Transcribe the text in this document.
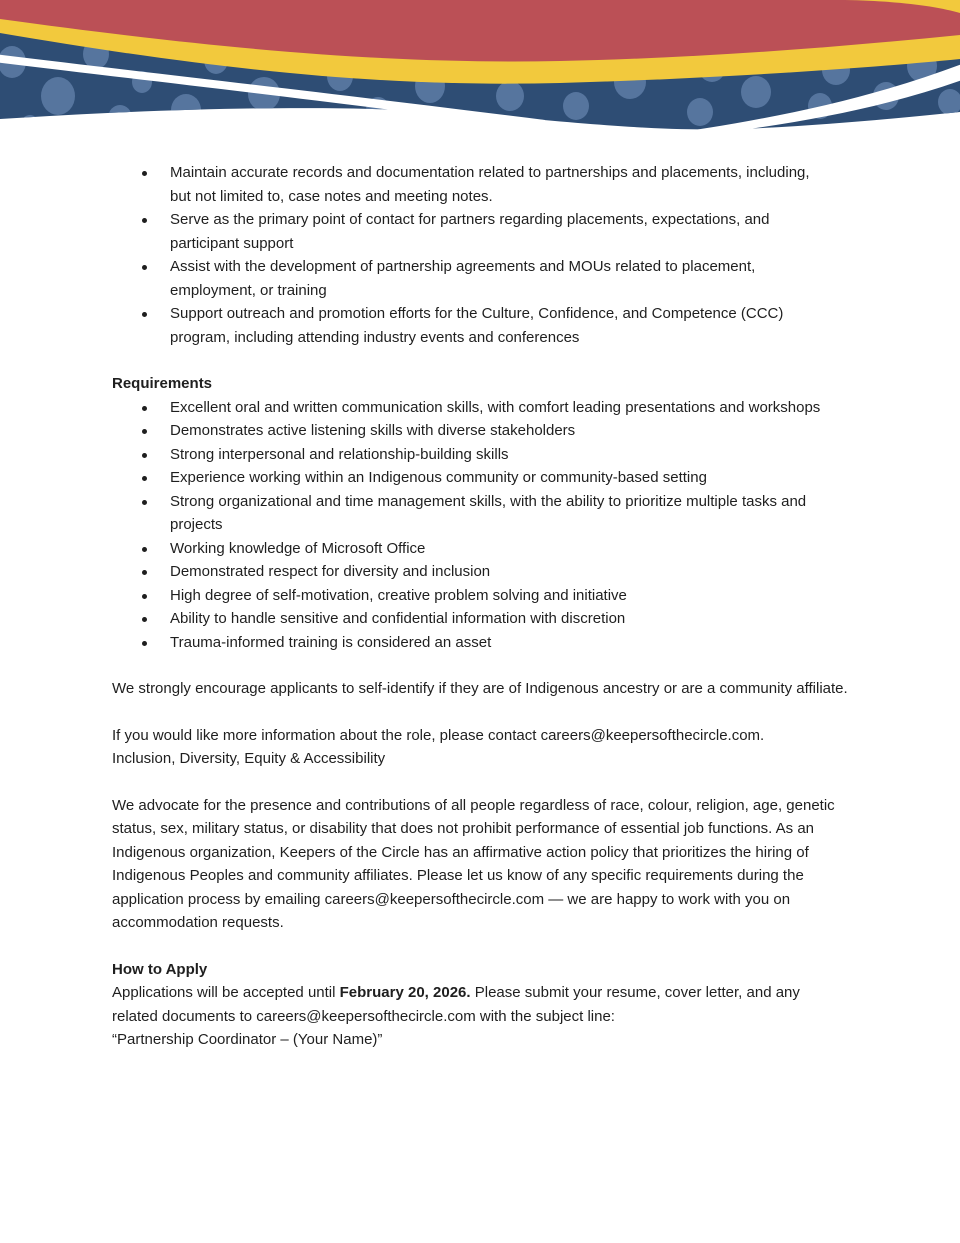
Maintain accurate records and documentation related to partnerships and placements, including, but not limited to, case notes and meeting notes.
Serve as the primary point of contact for partners regarding placements, expectations, and participant support
Assist with the development of partnership agreements and MOUs related to placement, employment, or training
Support outreach and promotion efforts for the Culture, Confidence, and Competence (CCC) program, including attending industry events and conferences
Requirements
Excellent oral and written communication skills, with comfort leading presentations and workshops
Demonstrates active listening skills with diverse stakeholders
Strong interpersonal and relationship-building skills
Experience working within an Indigenous community or community-based setting
Strong organizational and time management skills, with the ability to prioritize multiple tasks and projects
Working knowledge of Microsoft Office
Demonstrated respect for diversity and inclusion
High degree of self-motivation, creative problem solving and initiative
Ability to handle sensitive and confidential information with discretion
Trauma-informed training is considered an asset
We strongly encourage applicants to self-identify if they are of Indigenous ancestry or are a community affiliate.
If you would like more information about the role, please contact careers@keepersofthecircle.com.
Inclusion, Diversity, Equity & Accessibility
We advocate for the presence and contributions of all people regardless of race, colour, religion, age, genetic status, sex, military status, or disability that does not prohibit performance of essential job functions. As an Indigenous organization, Keepers of the Circle has an affirmative action policy that prioritizes the hiring of Indigenous Peoples and community affiliates. Please let us know of any specific requirements during the application process by emailing careers@keepersofthecircle.com — we are happy to work with you on accommodation requests.
How to Apply
Applications will be accepted until February 20, 2026. Please submit your resume, cover letter, and any related documents to careers@keepersofthecircle.com with the subject line:
“Partnership Coordinator – (Your Name)”
